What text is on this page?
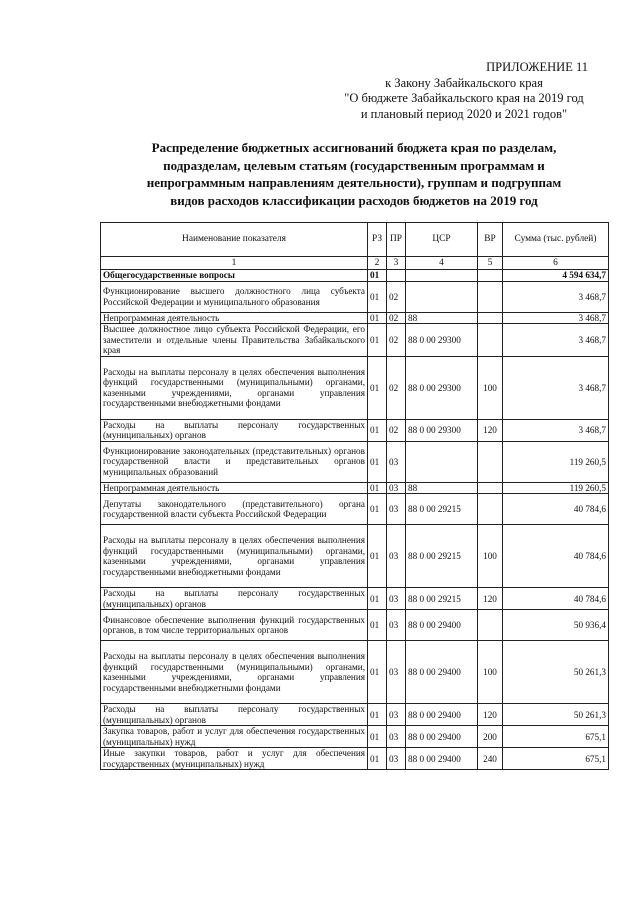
ПРИЛОЖЕНИЕ 11
к Закону Забайкальского края
"О бюджете Забайкальского края на 2019 год
и плановый период 2020 и 2021 годов"
Распределение бюджетных ассигнований бюджета края по разделам,
подразделам, целевым статьям (государственным программам и
непрограммным направлениям деятельности), группам и подгруппам
видов расходов классификации расходов бюджетов на 2019 год
Наименование показателя	РЗ	ПР	ЦСР	ВР	Сумма (тыс. рублей)
1	2	3	4	5	6
Общегосударственные вопросы	01				4 594 634,7
Функционирование высшего должностного лица субъекта Российской Федерации и муниципального образования	01	02			3 468,7
Непрограммная деятельность	01	02	88		3 468,7
Высшее должностное лицо субъекта Российской Федерации, его заместители и отдельные члены Правительства Забайкальского края	01	02	88 0 00 29300		3 468,7
Расходы на выплаты персоналу в целях обеспечения выполнения функций государственными (муниципальными) органами, казенными учреждениями, органами управления государственными внебюджетными фондами	01	02	88 0 00 29300	100	3 468,7
Расходы на выплаты персоналу государственных (муниципальных) органов	01	02	88 0 00 29300	120	3 468,7
Функционирование законодательных (представительных) органов государственной власти и представительных органов муниципальных образований	01	03			119 260,5
Непрограммная деятельность	01	03	88		119 260,5
Депутаты законодательного (представительного) органа государственной власти субъекта Российской Федерации	01	03	88 0 00 29215		40 784,6
Расходы на выплаты персоналу в целях обеспечения выполнения функций государственными (муниципальными) органами, казенными учреждениями, органами управления государственными внебюджетными фондами	01	03	88 0 00 29215	100	40 784,6
Расходы на выплаты персоналу государственных (муниципальных) органов	01	03	88 0 00 29215	120	40 784,6
Финансовое обеспечение выполнения функций государственных органов, в том числе территориальных органов	01	03	88 0 00 29400		50 936,4
Расходы на выплаты персоналу в целях обеспечения выполнения функций государственными (муниципальными) органами, казенными учреждениями, органами управления государственными внебюджетными фондами	01	03	88 0 00 29400	100	50 261,3
Расходы на выплаты персоналу государственных (муниципальных) органов	01	03	88 0 00 29400	120	50 261,3
Закупка товаров, работ и услуг для обеспечения государственных (муниципальных) нужд	01	03	88 0 00 29400	200	675,1
Иные закупки товаров, работ и услуг для обеспечения государственных (муниципальных) нужд	01	03	88 0 00 29400	240	675,1
